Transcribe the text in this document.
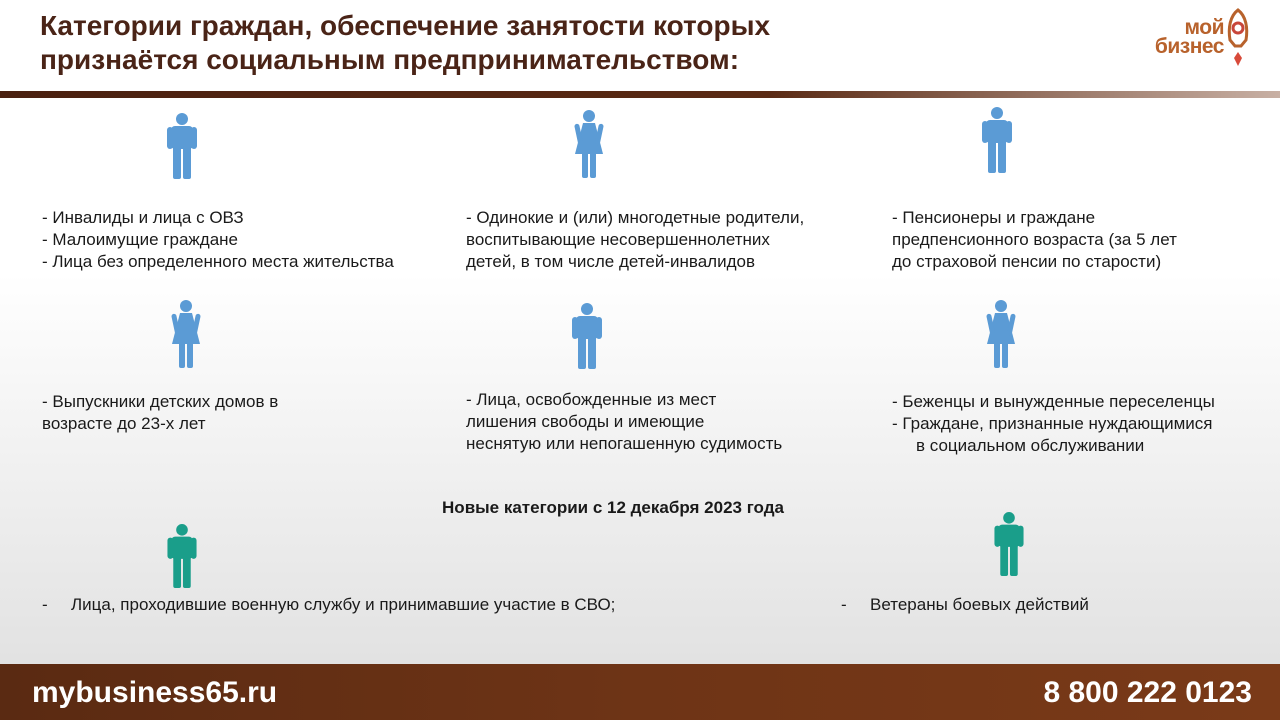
Категории граждан, обеспечение занятости которых
признаётся социальным предпринимательством:
мой
бизнес
- Инвалиды и лица с ОВЗ
- Малоимущие граждане
- Лица без определенного места жительства
- Одинокие и (или) многодетные родители,
воспитывающие несовершеннолетних
детей, в том числе детей-инвалидов
- Пенсионеры и граждане
предпенсионного возраста (за 5 лет
до страховой пенсии по старости)
- Выпускники детских домов в
возрасте до 23-х лет
- Лица, освобожденные из мест
лишения свободы и имеющие
неснятую или непогашенную судимость
- Беженцы и вынужденные переселенцы
- Граждане, признанные нуждающимися
в социальном обслуживании
Новые категории с 12 декабря 2023 года
- Лица, проходившие военную службу и принимавшие участие в СВО;	- Ветераны боевых действий
mybusiness65.ru	8 800 222 0123
